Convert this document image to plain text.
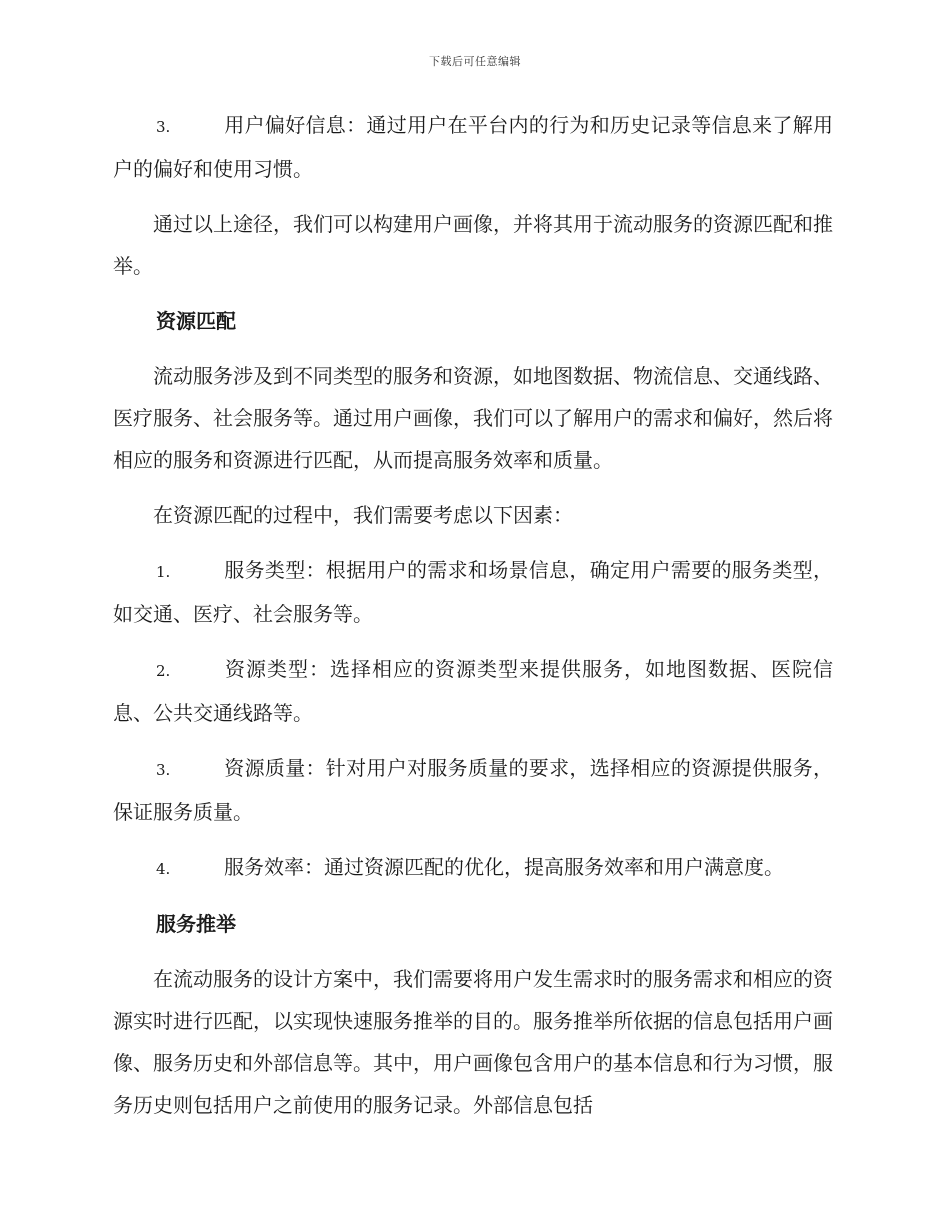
下载后可任意编辑
3.	用户偏好信息：通过用户在平台内的行为和历史记录等信息来了解用户的偏好和使用习惯。

通过以上途径，我们可以构建用户画像，并将其用于流动服务的资源匹配和推举。

资源匹配

流动服务涉及到不同类型的服务和资源，如地图数据、物流信息、交通线路、医疗服务、社会服务等。通过用户画像，我们可以了解用户的需求和偏好，然后将相应的服务和资源进行匹配，从而提高服务效率和质量。

在资源匹配的过程中，我们需要考虑以下因素：

1.	服务类型：根据用户的需求和场景信息，确定用户需要的服务类型，如交通、医疗、社会服务等。
2.	资源类型：选择相应的资源类型来提供服务，如地图数据、医院信息、公共交通线路等。
3.	资源质量：针对用户对服务质量的要求，选择相应的资源提供服务，保证服务质量。
4.	服务效率：通过资源匹配的优化，提高服务效率和用户满意度。
服务推举

在流动服务的设计方案中，我们需要将用户发生需求时的服务需求和相应的资源实时进行匹配，以实现快速服务推举的目的。服务推举所依据的信息包括用户画像、服务历史和外部信息等。其中，用户画像包含用户的基本信息和行为习惯，服务历史则包括用户之前使用的服务记录。外部信息包括
